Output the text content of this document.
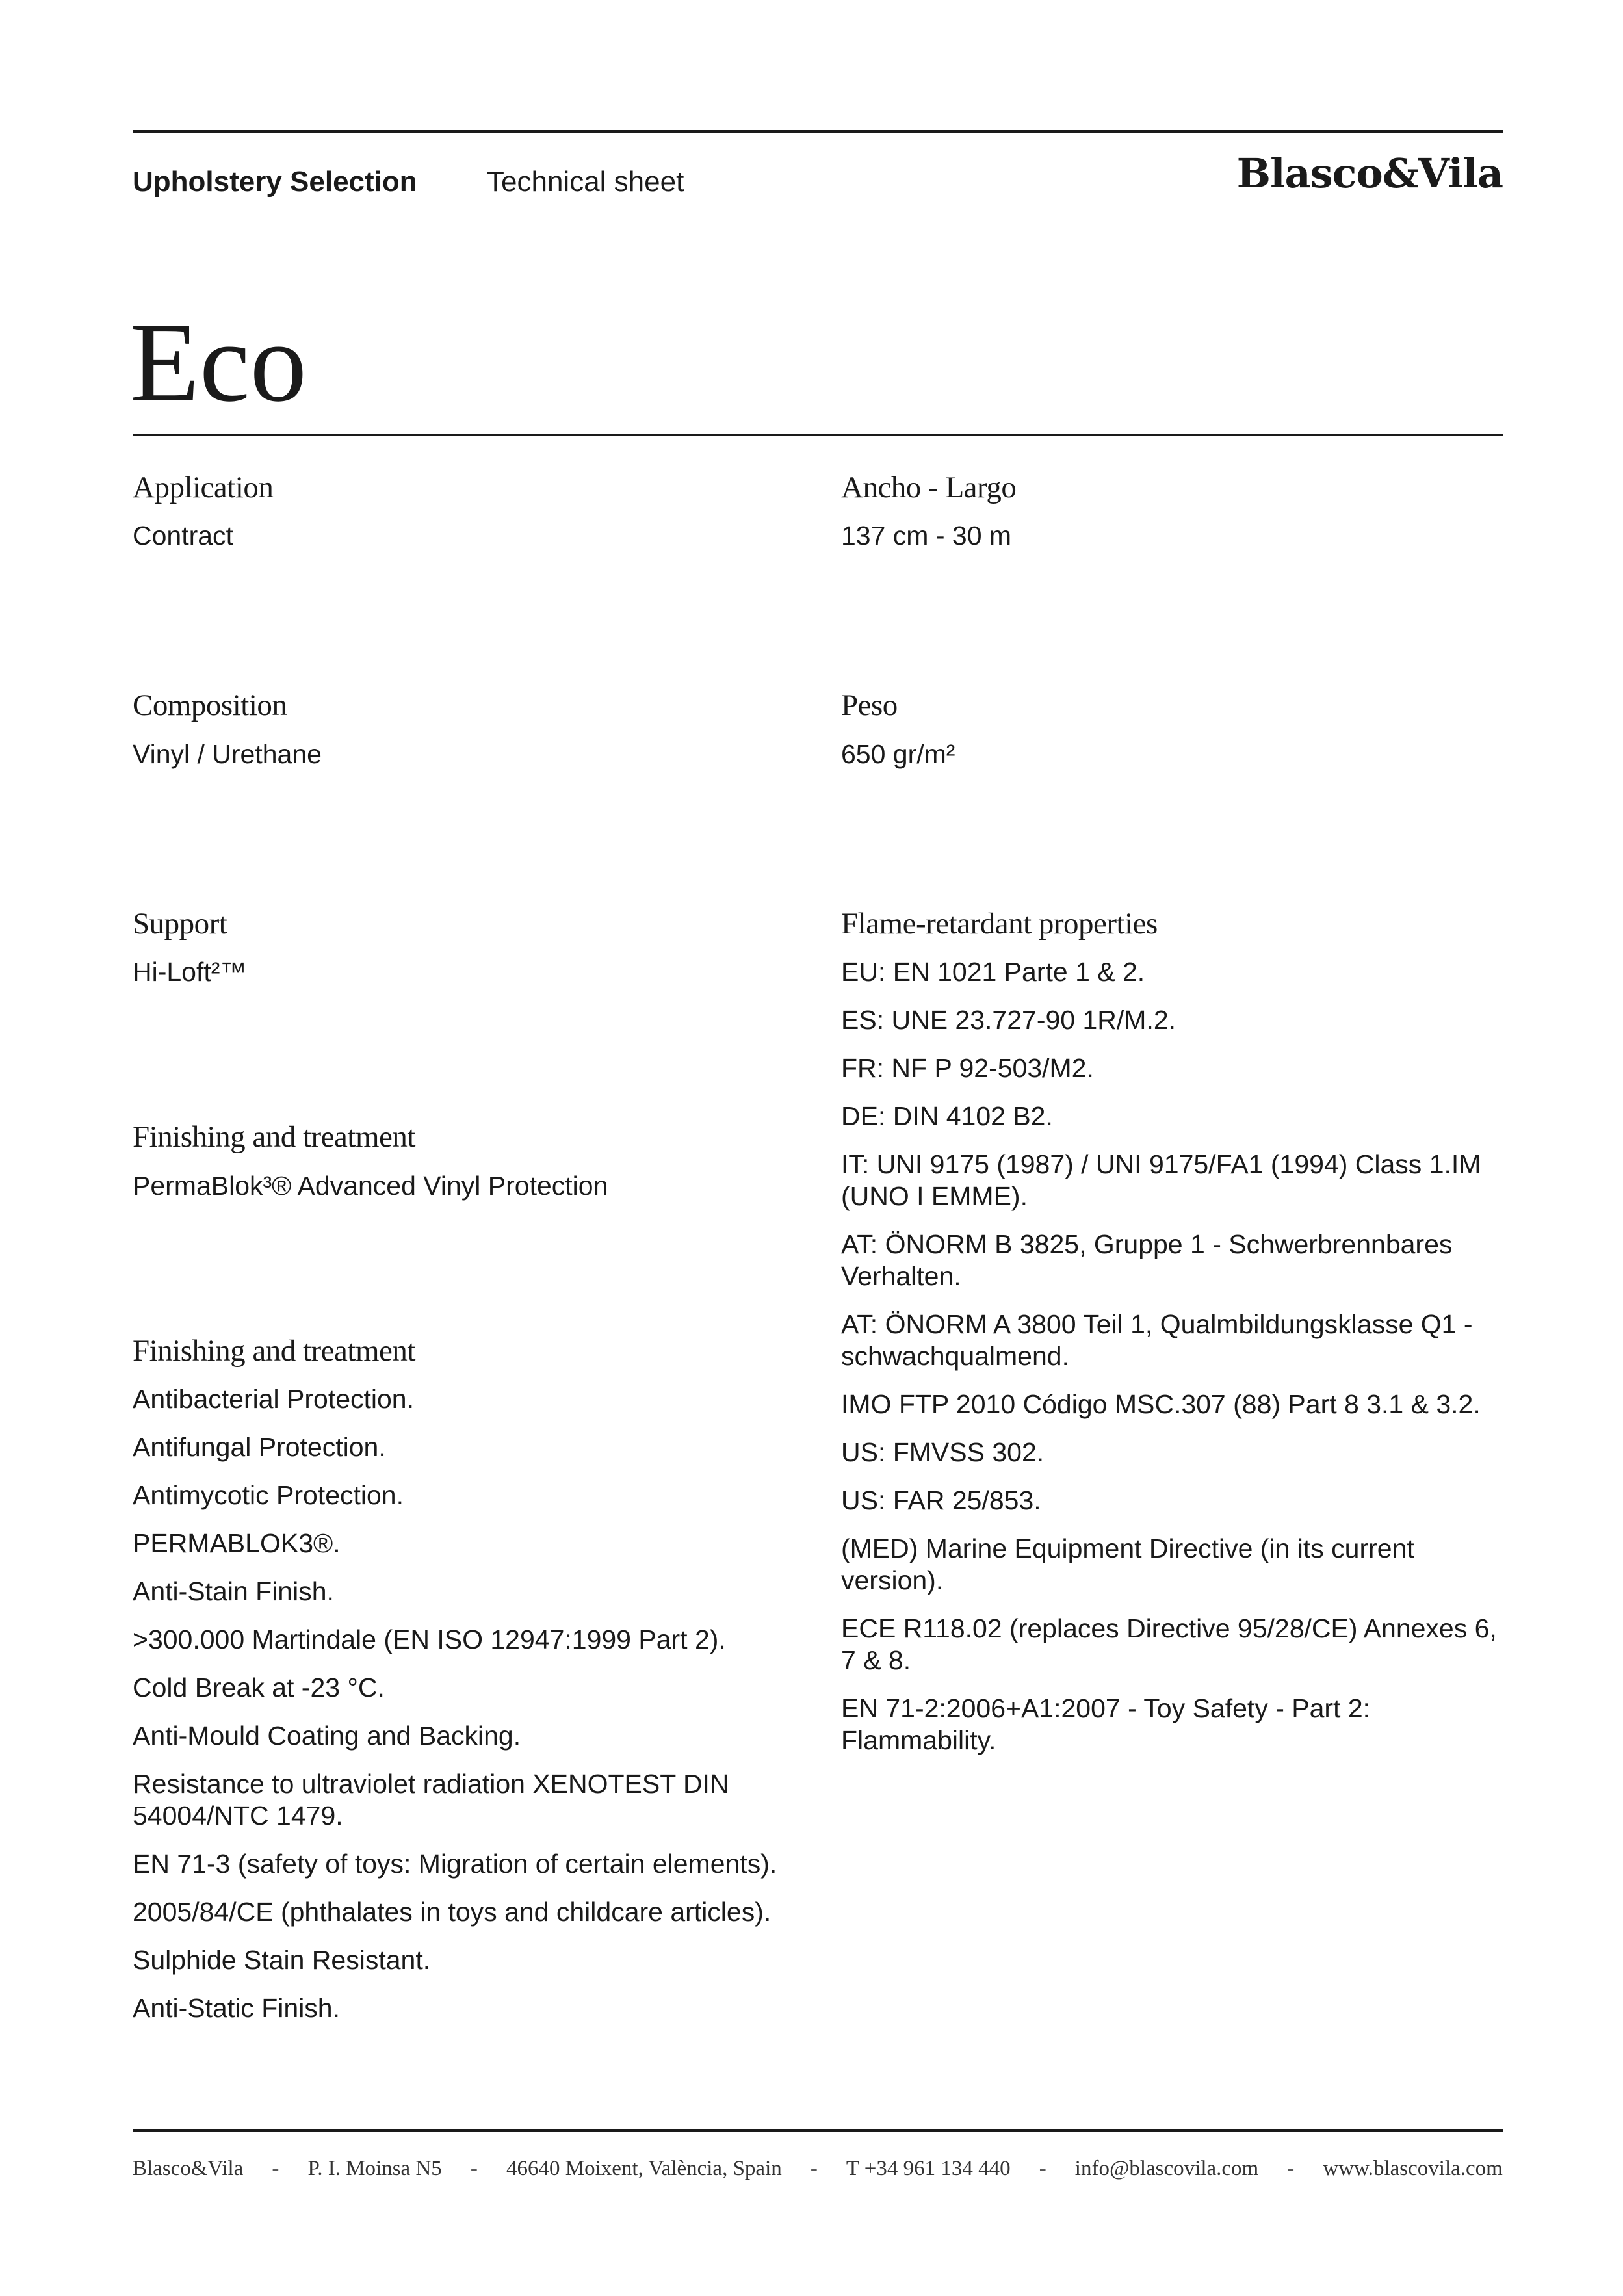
Upholstery Selection Technical sheet	Blasco&Vila
Eco
Application
Contract
Composition
Vinyl / Urethane
Support
Hi-Loft²™
Finishing and treatment
PermaBlok³® Advanced Vinyl Protection
Finishing and treatment
Antibacterial Protection.
Antifungal Protection.
Antimycotic Protection.
PERMABLOK3®.
Anti-Stain Finish.
>300.000 Martindale (EN ISO 12947:1999 Part 2).
Cold Break at -23 °C.
Anti-Mould Coating and Backing.
Resistance to ultraviolet radiation XENOTEST DIN 54004/NTC 1479.
EN 71-3 (safety of toys: Migration of certain elements).
2005/84/CE (phthalates in toys and childcare articles).
Sulphide Stain Resistant.
Anti-Static Finish.
Ancho - Largo
137 cm - 30 m
Peso
650 gr/m²
Flame-retardant properties
EU: EN 1021 Parte 1 & 2.
ES: UNE 23.727-90 1R/M.2.
FR: NF P 92-503/M2.
DE: DIN 4102 B2.
IT: UNI 9175 (1987) / UNI 9175/FA1 (1994) Class 1.IM (UNO I EMME).
AT: ÖNORM B 3825, Gruppe 1 - Schwerbrennbares Verhalten.
AT: ÖNORM A 3800 Teil 1, Qualmbildungsklasse Q1 - schwachqualmend.
IMO FTP 2010 Código MSC.307 (88) Part 8 3.1 & 3.2.
US: FMVSS 302.
US: FAR 25/853.
(MED) Marine Equipment Directive (in its current version).
ECE R118.02 (replaces Directive 95/28/CE) Annexes 6, 7 & 8.
EN 71-2:2006+A1:2007 - Toy Safety - Part 2: Flammability.
Blasco&Vila - P. I. Moinsa N5 - 46640 Moixent, València, Spain - T +34 961 134 440 - info@blascovila.com - www.blascovila.com
